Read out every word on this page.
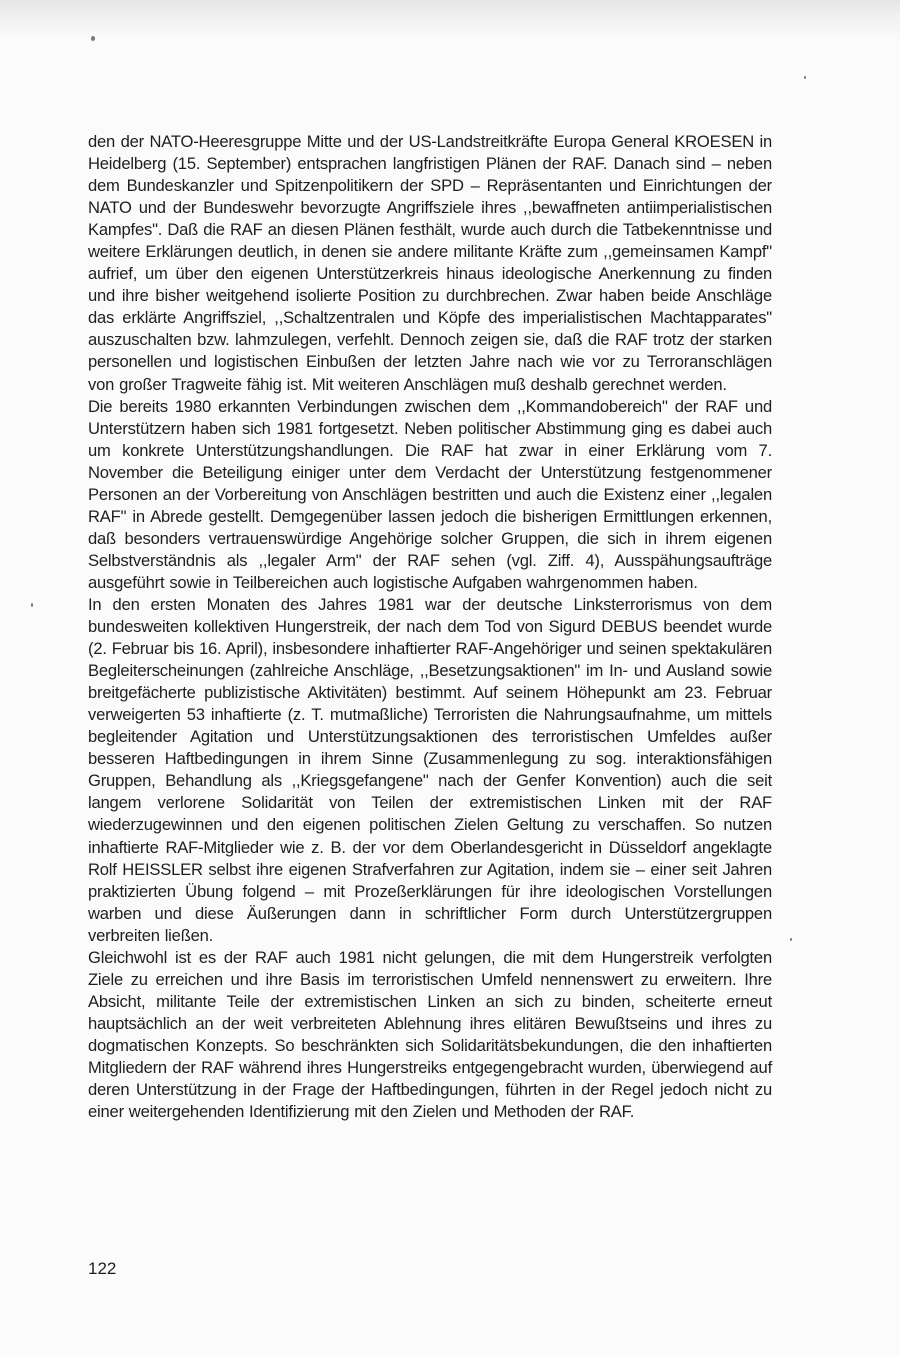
den der NATO-Heeresgruppe Mitte und der US-Landstreitkräfte Europa General KROESEN in Heidelberg (15. September) entsprachen langfristigen Plänen der RAF. Danach sind – neben dem Bundeskanzler und Spitzenpolitikern der SPD – Repräsentanten und Einrichtungen der NATO und der Bundeswehr bevorzugte Angriffsziele ihres ,,bewaffneten antiimperialistischen Kampfes". Daß die RAF an diesen Plänen festhält, wurde auch durch die Tatbekenntnisse und weitere Erklärungen deutlich, in denen sie andere militante Kräfte zum ,,gemeinsamen Kampf" aufrief, um über den eigenen Unterstützerkreis hinaus ideologische Anerkennung zu finden und ihre bisher weitgehend isolierte Position zu durchbrechen. Zwar haben beide Anschläge das erklärte Angriffsziel, ,,Schaltzentralen und Köpfe des imperialistischen Machtapparates" auszuschalten bzw. lahmzulegen, verfehlt. Dennoch zeigen sie, daß die RAF trotz der starken personellen und logistischen Einbußen der letzten Jahre nach wie vor zu Terroranschlägen von großer Tragweite fähig ist. Mit weiteren Anschlägen muß deshalb gerechnet werden.

Die bereits 1980 erkannten Verbindungen zwischen dem ,,Kommandobereich" der RAF und Unterstützern haben sich 1981 fortgesetzt. Neben politischer Abstimmung ging es dabei auch um konkrete Unterstützungshandlungen. Die RAF hat zwar in einer Erklärung vom 7. November die Beteiligung einiger unter dem Verdacht der Unterstützung festgenommener Personen an der Vorbereitung von Anschlägen bestritten und auch die Existenz einer ,,legalen RAF" in Abrede gestellt. Demgegenüber lassen jedoch die bisherigen Ermittlungen erkennen, daß besonders vertrauenswürdige Angehörige solcher Gruppen, die sich in ihrem eigenen Selbstverständnis als ,,legaler Arm" der RAF sehen (vgl. Ziff. 4), Ausspähungsaufträge ausgeführt sowie in Teilbereichen auch logistische Aufgaben wahrgenommen haben.

In den ersten Monaten des Jahres 1981 war der deutsche Linksterrorismus von dem bundesweiten kollektiven Hungerstreik, der nach dem Tod von Sigurd DEBUS beendet wurde (2. Februar bis 16. April), insbesondere inhaftierter RAF-Angehöriger und seinen spektakulären Begleiterscheinungen (zahlreiche Anschläge, ,,Besetzungsaktionen" im In- und Ausland sowie breitgefächerte publizistische Aktivitäten) bestimmt. Auf seinem Höhepunkt am 23. Februar verweigerten 53 inhaftierte (z. T. mutmaßliche) Terroristen die Nahrungsaufnahme, um mittels begleitender Agitation und Unterstützungsaktionen des terroristischen Umfeldes außer besseren Haftbedingungen in ihrem Sinne (Zusammenlegung zu sog. interaktionsfähigen Gruppen, Behandlung als ,,Kriegsgefangene" nach der Genfer Konvention) auch die seit langem verlorene Solidarität von Teilen der extremistischen Linken mit der RAF wiederzugewinnen und den eigenen politischen Zielen Geltung zu verschaffen. So nutzen inhaftierte RAF-Mitglieder wie z. B. der vor dem Oberlandesgericht in Düsseldorf angeklagte Rolf HEISSLER selbst ihre eigenen Strafverfahren zur Agitation, indem sie – einer seit Jahren praktizierten Übung folgend – mit Prozeßerklärungen für ihre ideologischen Vorstellungen warben und diese Äußerungen dann in schriftlicher Form durch Unterstützergruppen verbreiten ließen.

Gleichwohl ist es der RAF auch 1981 nicht gelungen, die mit dem Hungerstreik verfolgten Ziele zu erreichen und ihre Basis im terroristischen Umfeld nennenswert zu erweitern. Ihre Absicht, militante Teile der extremistischen Linken an sich zu binden, scheiterte erneut hauptsächlich an der weit verbreiteten Ablehnung ihres elitären Bewußtseins und ihres zu dogmatischen Konzepts. So beschränkten sich Solidaritätsbekundungen, die den inhaftierten Mitgliedern der RAF während ihres Hungerstreiks entgegengebracht wurden, überwiegend auf deren Unterstützung in der Frage der Haftbedingungen, führten in der Regel jedoch nicht zu einer weitergehenden Identifizierung mit den Zielen und Methoden der RAF.

122
